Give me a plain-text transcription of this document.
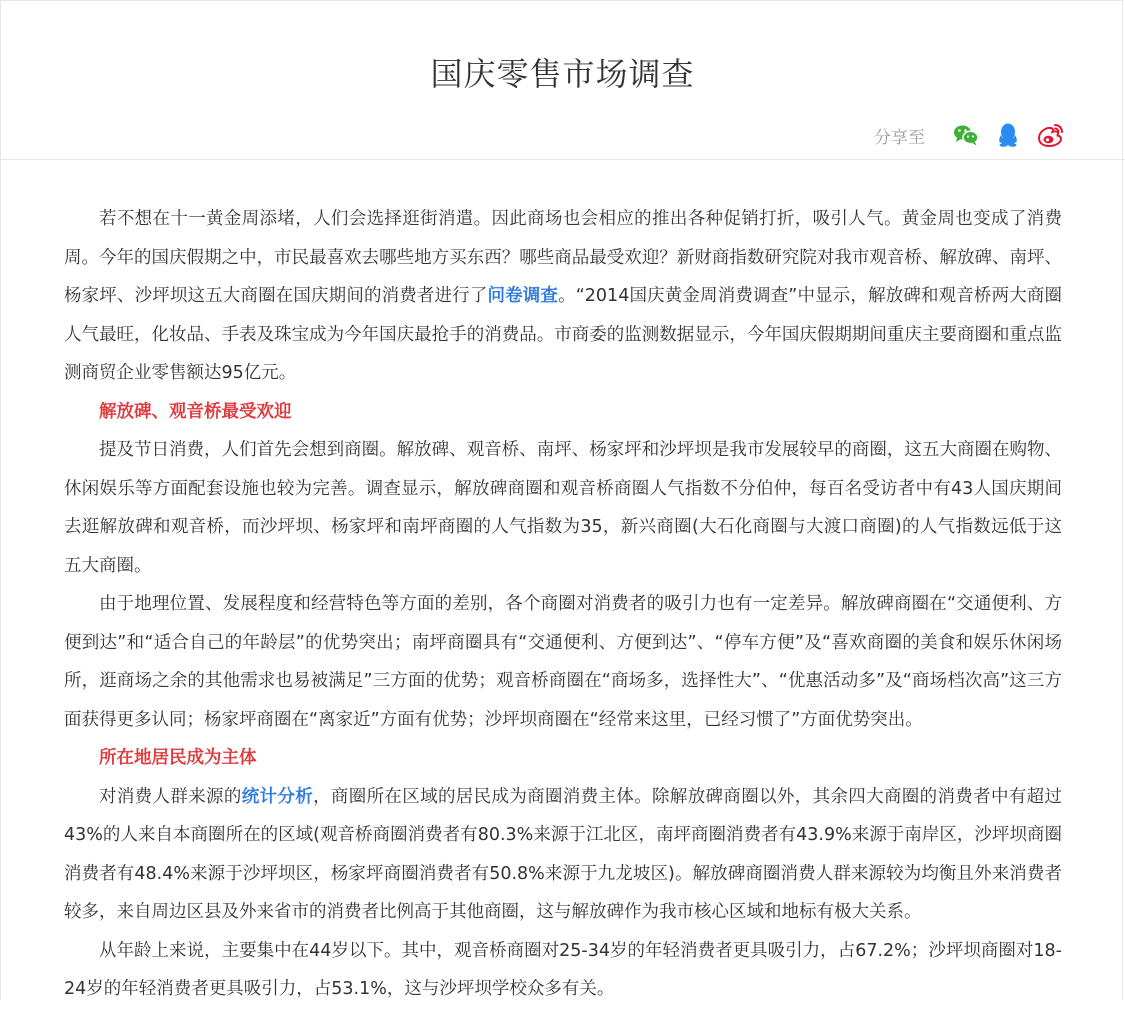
国庆零售市场调查
分享至

若不想在十一黄金周添堵，人们会选择逛街消遣。因此商场也会相应的推出各种促销打折，吸引人气。黄金周也变成了消费周。今年的国庆假期之中，市民最喜欢去哪些地方买东西？哪些商品最受欢迎？新财商指数研究院对我市观音桥、解放碑、南坪、杨家坪、沙坪坝这五大商圈在国庆期间的消费者进行了问卷调查。“2014国庆黄金周消费调查”中显示，解放碑和观音桥两大商圈人气最旺，化妆品、手表及珠宝成为今年国庆最抢手的消费品。市商委的监测数据显示，今年国庆假期期间重庆主要商圈和重点监测商贸企业零售额达95亿元。

解放碑、观音桥最受欢迎

提及节日消费，人们首先会想到商圈。解放碑、观音桥、南坪、杨家坪和沙坪坝是我市发展较早的商圈，这五大商圈在购物、休闲娱乐等方面配套设施也较为完善。调查显示，解放碑商圈和观音桥商圈人气指数不分伯仲，每百名受访者中有43人国庆期间去逛解放碑和观音桥，而沙坪坝、杨家坪和南坪商圈的人气指数为35，新兴商圈(大石化商圈与大渡口商圈)的人气指数远低于这五大商圈。

由于地理位置、发展程度和经营特色等方面的差别，各个商圈对消费者的吸引力也有一定差异。解放碑商圈在“交通便利、方便到达”和“适合自己的年龄层”的优势突出；南坪商圈具有“交通便利、方便到达”、“停车方便”及“喜欢商圈的美食和娱乐休闲场所，逛商场之余的其他需求也易被满足”三方面的优势；观音桥商圈在“商场多，选择性大”、“优惠活动多”及“商场档次高”这三方面获得更多认同；杨家坪商圈在“离家近”方面有优势；沙坪坝商圈在“经常来这里，已经习惯了”方面优势突出。

所在地居民成为主体

对消费人群来源的统计分析，商圈所在区域的居民成为商圈消费主体。除解放碑商圈以外，其余四大商圈的消费者中有超过43%的人来自本商圈所在的区域(观音桥商圈消费者有80.3%来源于江北区，南坪商圈消费者有43.9%来源于南岸区，沙坪坝商圈消费者有48.4%来源于沙坪坝区，杨家坪商圈消费者有50.8%来源于九龙坡区)。解放碑商圈消费人群来源较为均衡且外来消费者较多，来自周边区县及外来省市的消费者比例高于其他商圈，这与解放碑作为我市核心区域和地标有极大关系。

从年龄上来说，主要集中在44岁以下。其中，观音桥商圈对25-34岁的年轻消费者更具吸引力，占67.2%；沙坪坝商圈对18-24岁的年轻消费者更具吸引力，占53.1%，这与沙坪坝学校众多有关。
